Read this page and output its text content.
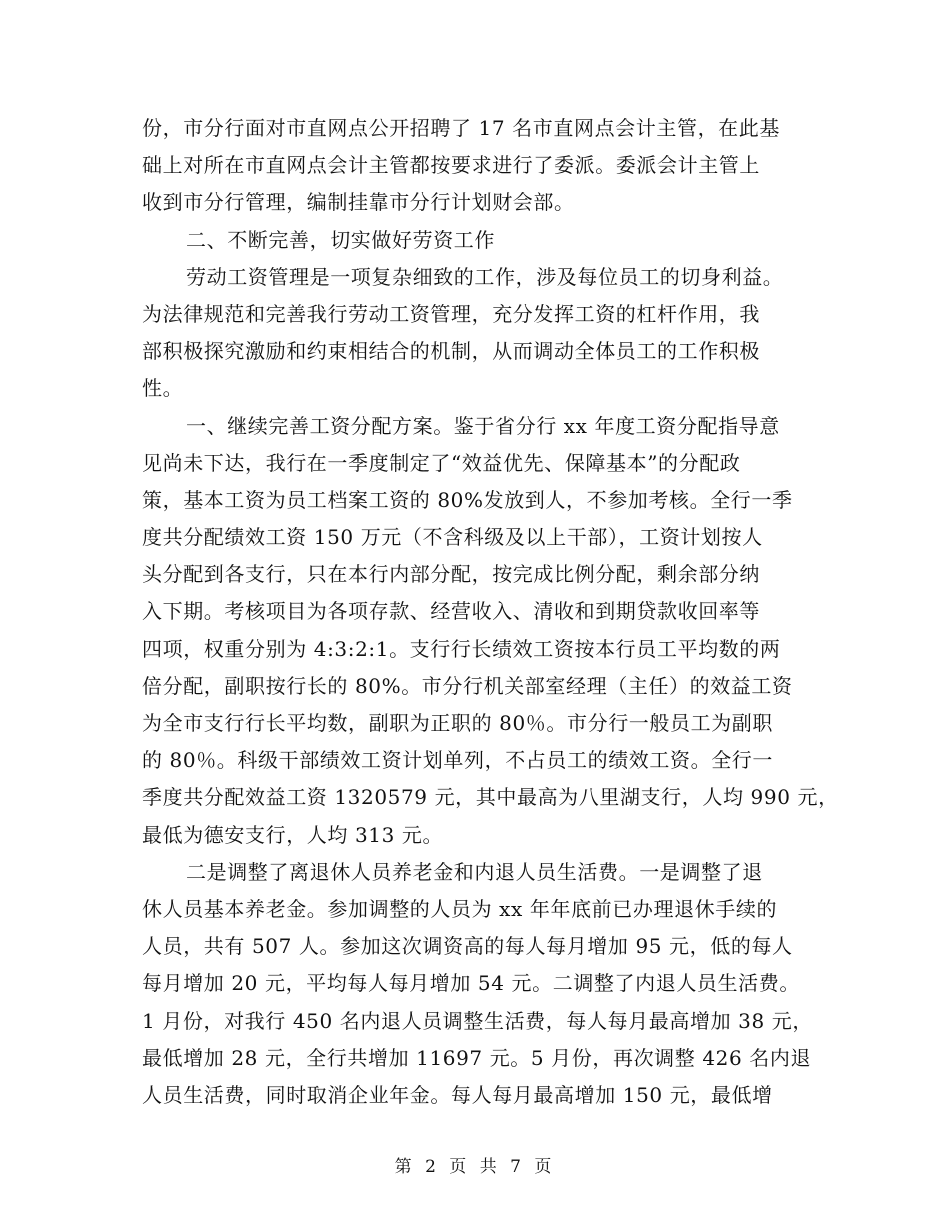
份，市分行面对市直网点公开招聘了 17 名市直网点会计主管，在此基
础上对所在市直网点会计主管都按要求进行了委派。委派会计主管上
收到市分行管理，编制挂靠市分行计划财会部。
二、不断完善，切实做好劳资工作
劳动工资管理是一项复杂细致的工作，涉及每位员工的切身利益。
为法律规范和完善我行劳动工资管理，充分发挥工资的杠杆作用，我
部积极探究激励和约束相结合的机制，从而调动全体员工的工作积极
性。
一、继续完善工资分配方案。鉴于省分行 xx 年度工资分配指导意
见尚未下达，我行在一季度制定了“效益优先、保障基本”的分配政
策，基本工资为员工档案工资的 80%发放到人，不参加考核。全行一季
度共分配绩效工资 150 万元（不含科级及以上干部），工资计划按人
头分配到各支行，只在本行内部分配，按完成比例分配，剩余部分纳
入下期。考核项目为各项存款、经营收入、清收和到期贷款收回率等
四项，权重分别为 4:3:2:1。支行行长绩效工资按本行员工平均数的两
倍分配，副职按行长的 80%。市分行机关部室经理（主任）的效益工资
为全市支行行长平均数，副职为正职的 80％。市分行一般员工为副职
的 80％。科级干部绩效工资计划单列，不占员工的绩效工资。全行一
季度共分配效益工资 1320579 元，其中最高为八里湖支行，人均 990 元，
最低为德安支行，人均 313 元。
二是调整了离退休人员养老金和内退人员生活费。一是调整了退
休人员基本养老金。参加调整的人员为 xx 年年底前已办理退休手续的
人员，共有 507 人。参加这次调资高的每人每月增加 95 元，低的每人
每月增加 20 元，平均每人每月增加 54 元。二调整了内退人员生活费。
1 月份，对我行 450 名内退人员调整生活费，每人每月最高增加 38 元，
最低增加 28 元，全行共增加 11697 元。5 月份，再次调整 426 名内退
人员生活费，同时取消企业年金。每人每月最高增加 150 元，最低增
第 2 页 共 7 页
